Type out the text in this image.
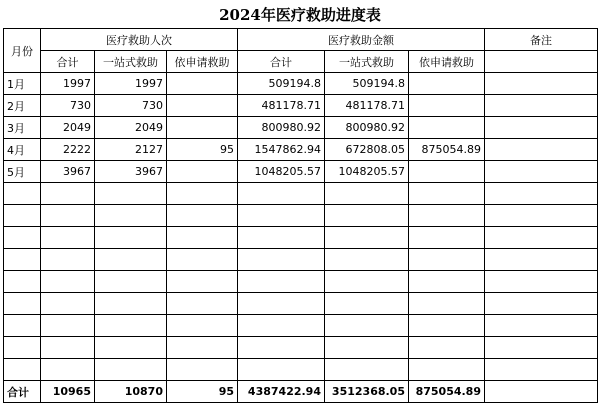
2024年医疗救助进度表
月份	医疗救助人次			医疗救助金额			备注
	合计	一站式救助	依申请救助	合计	一站式救助	依申请救助	
1月	1997	1997		509194.8	509194.8		
2月	730	730		481178.71	481178.71		
3月	2049	2049		800980.92	800980.92		
4月	2222	2127	95	1547862.94	672808.05	875054.89	
5月	3967	3967		1048205.57	1048205.57		

合计	10965	10870	95	4387422.94	3512368.05	875054.89	
